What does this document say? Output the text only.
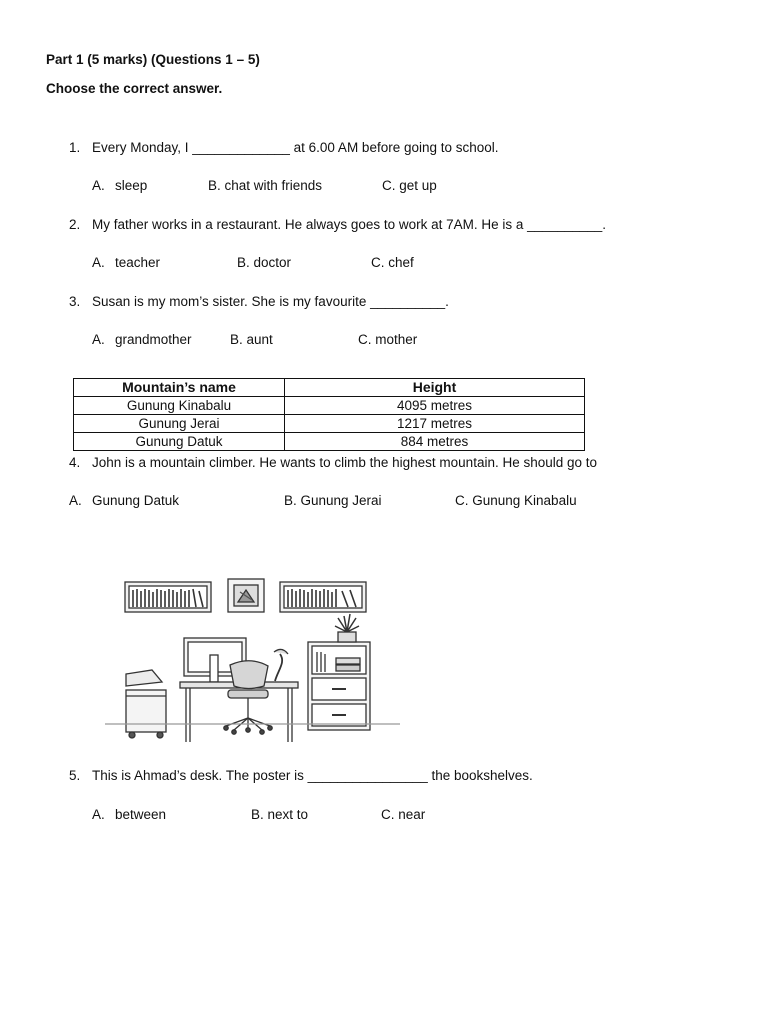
Part 1 (5 marks) (Questions 1 – 5)
Choose the correct answer.
1. Every Monday, I _____________ at 6.00 AM before going to school.
A. sleep	B. chat with friends	C. get up
2. My father works in a restaurant. He always goes to work at 7AM. He is a __________.
A. teacher	B. doctor	C. chef
3. Susan is my mom’s sister. She is my favourite __________.
A. grandmother	B. aunt	C. mother
Mountain’s name	Height
Gunung Kinabalu	4095 metres
Gunung Jerai	1217 metres
Gunung Datuk	884 metres
4. John is a mountain climber. He wants to climb the highest mountain. He should go to
A. Gunung Datuk	B. Gunung Jerai	C. Gunung Kinabalu
5. This is Ahmad’s desk. The poster is ________________ the bookshelves.
A. between	B. next to	C. near
